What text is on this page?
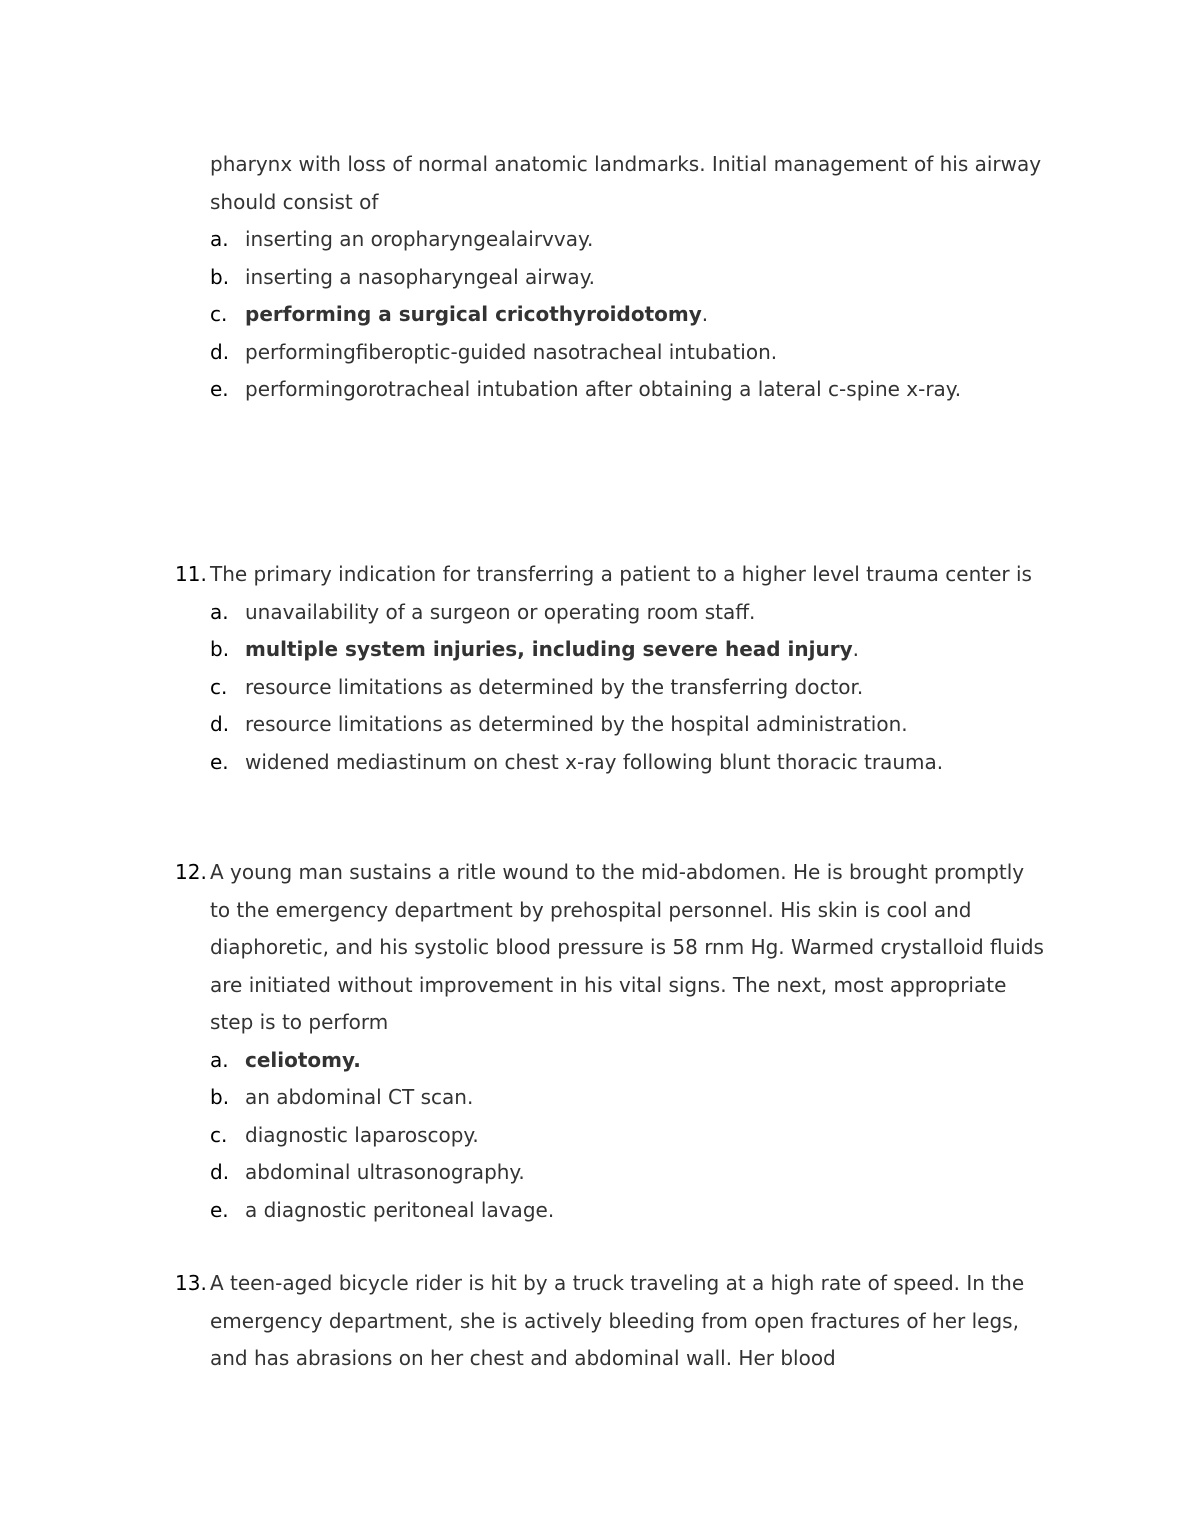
pharynx with loss of normal anatomic landmarks. Initial management of his airway should consist of
a. inserting an oropharyngealairvvay.
b. inserting a nasopharyngeal airway.
c. performing a surgical cricothyroidotomy.
d. performingfiberoptic-guided nasotracheal intubation.
e. performingorotracheal intubation after obtaining a lateral c-spine x-ray.
11. The primary indication for transferring a patient to a higher level trauma center is
a. unavailability of a surgeon or operating room staff.
b. multiple system injuries, including severe head injury.
c. resource limitations as determined by the transferring doctor.
d. resource limitations as determined by the hospital administration.
e. widened mediastinum on chest x-ray following blunt thoracic trauma.
12. A young man sustains a ritle wound to the mid-abdomen. He is brought promptly to the emergency department by prehospital personnel. His skin is cool and diaphoretic, and his systolic blood pressure is 58 rnm Hg. Warmed crystalloid fluids are initiated without improvement in his vital signs. The next, most appropriate step is to perform
a. celiotomy.
b. an abdominal CT scan.
c. diagnostic laparoscopy.
d. abdominal ultrasonography.
e. a diagnostic peritoneal lavage.
13. A teen-aged bicycle rider is hit by a truck traveling at a high rate of speed. In the emergency department, she is actively bleeding from open fractures of her legs, and has abrasions on her chest and abdominal wall. Her blood
